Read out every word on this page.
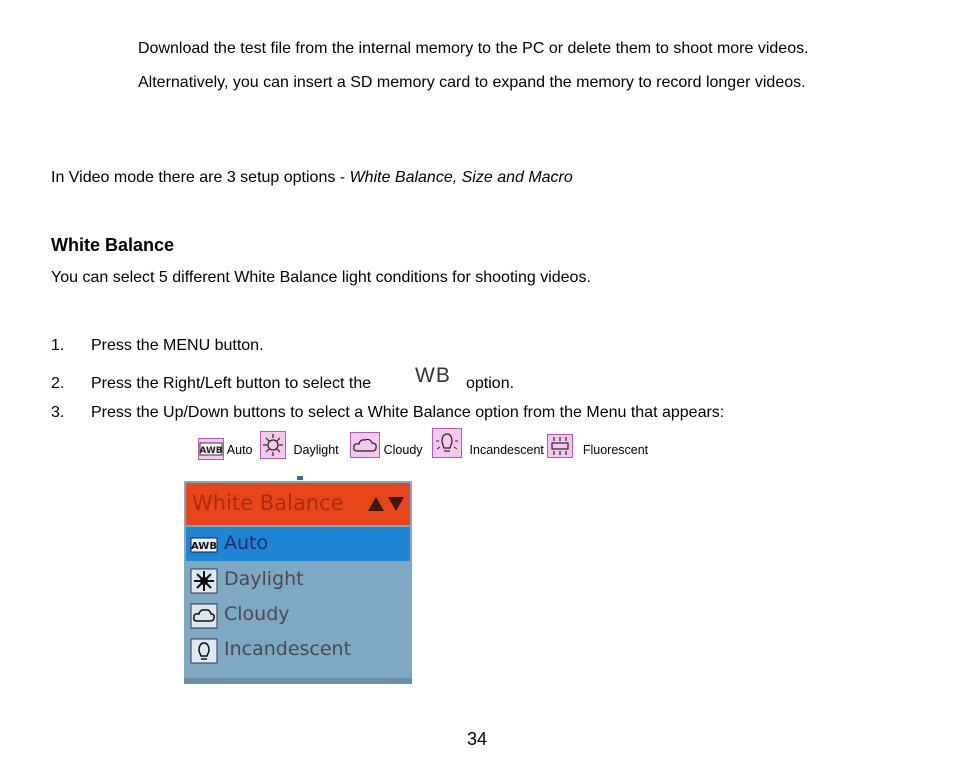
Download the test file from the internal memory to the PC or delete them to shoot more videos.
Alternatively, you can insert a SD memory card to expand the memory to record longer videos.
In Video mode there are 3 setup options - White Balance, Size and Macro
White Balance
You can select 5 different White Balance light conditions for shooting videos.
1. Press the MENU button.
2. Press the Right/Left button to select the WB option.
3. Press the Up/Down buttons to select a White Balance option from the Menu that appears:
AWB Auto	Daylight	Cloudy	Incandescent	Fluorescent
White Balance
AWB Auto
Daylight
Cloudy
Incandescent
34
